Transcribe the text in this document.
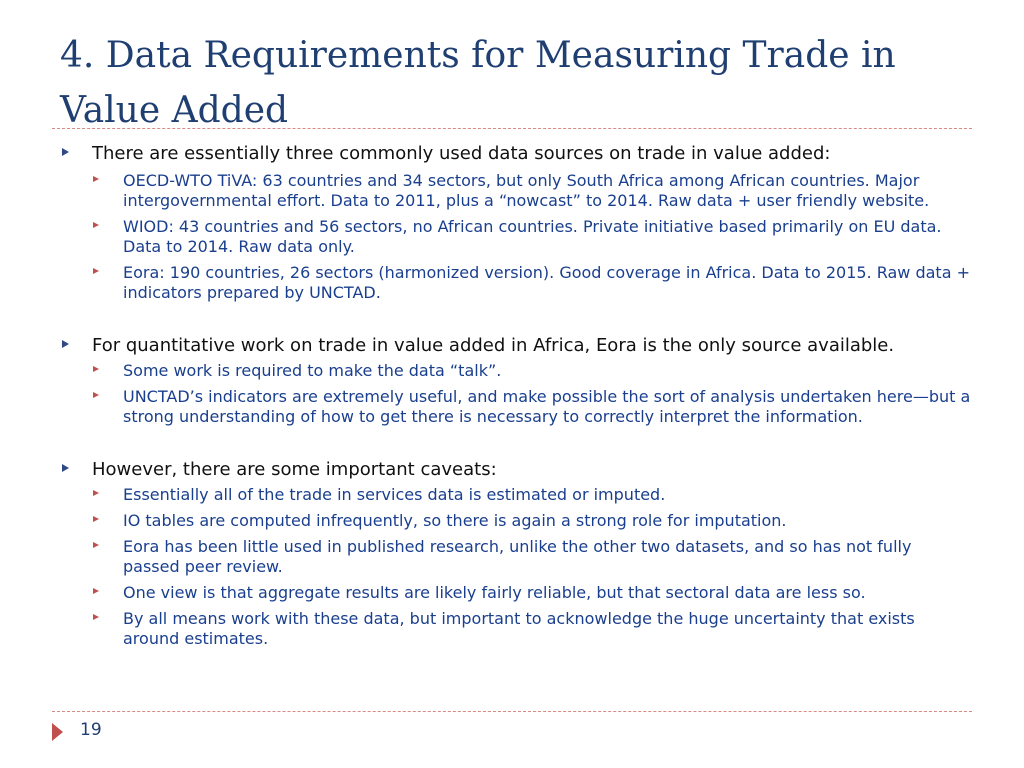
4. Data Requirements for Measuring Trade in Value Added
There are essentially three commonly used data sources on trade in value added:
OECD-WTO TiVA: 63 countries and 34 sectors, but only South Africa among African countries. Major intergovernmental effort. Data to 2011, plus a “nowcast” to 2014. Raw data + user friendly website.
WIOD: 43 countries and 56 sectors, no African countries. Private initiative based primarily on EU data. Data to 2014. Raw data only.
Eora: 190 countries, 26 sectors (harmonized version). Good coverage in Africa. Data to 2015. Raw data + indicators prepared by UNCTAD.
For quantitative work on trade in value added in Africa, Eora is the only source available.
Some work is required to make the data “talk”.
UNCTAD’s indicators are extremely useful, and make possible the sort of analysis undertaken here—but a strong understanding of how to get there is necessary to correctly interpret the information.
However, there are some important caveats:
Essentially all of the trade in services data is estimated or imputed.
IO tables are computed infrequently, so there is again a strong role for imputation.
Eora has been little used in published research, unlike the other two datasets, and so has not fully passed peer review.
One view is that aggregate results are likely fairly reliable, but that sectoral data are less so.
By all means work with these data, but important to acknowledge the huge uncertainty that exists around estimates.
19
